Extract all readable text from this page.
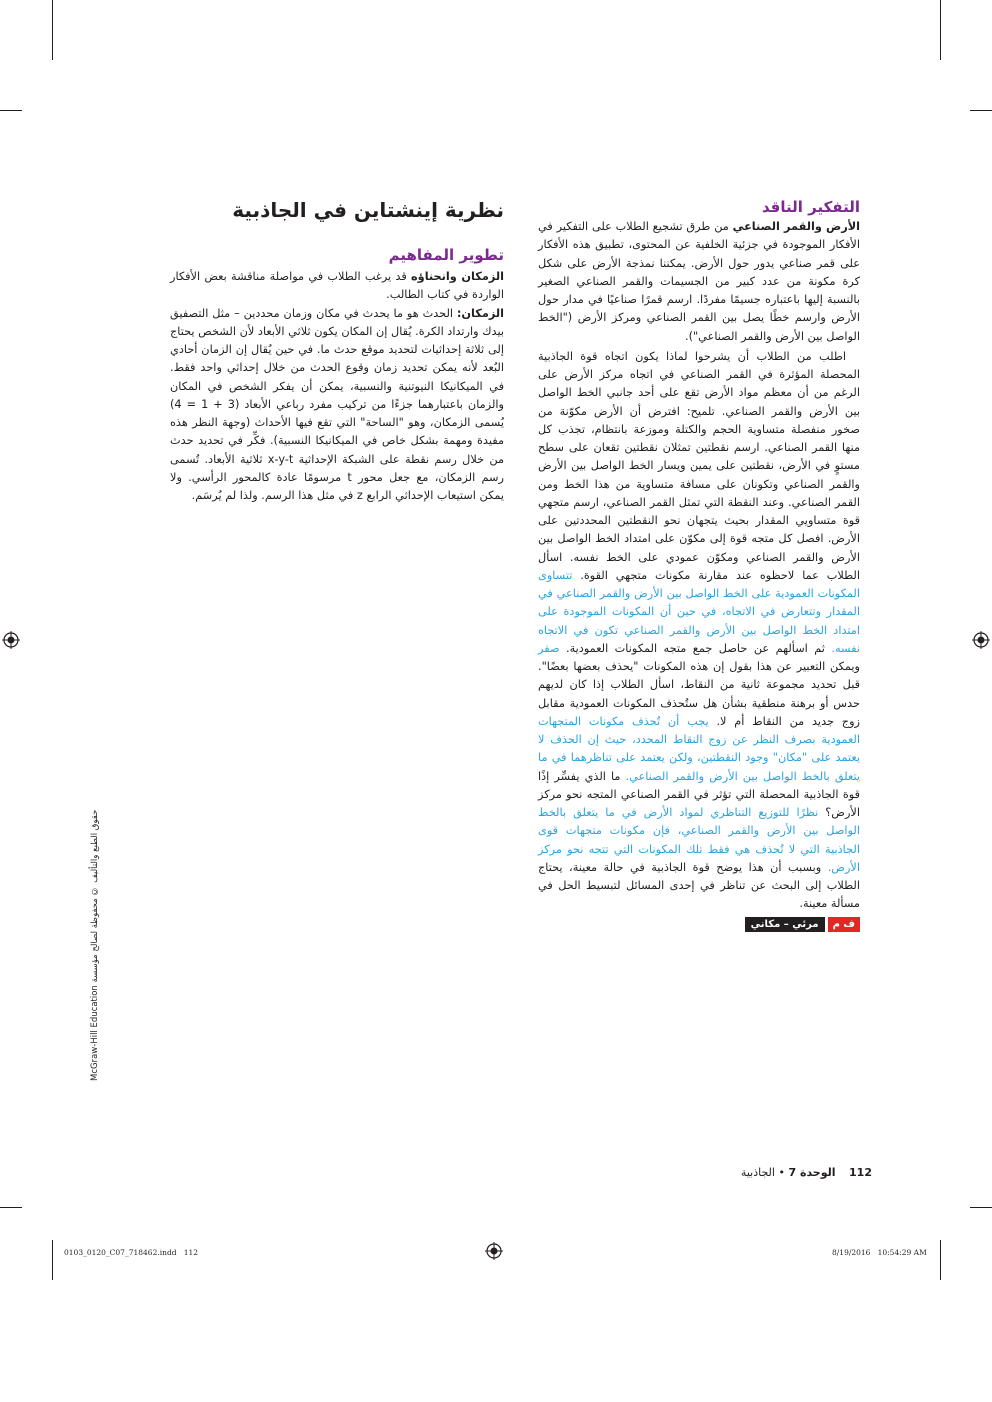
نظرية إينشتاين في الجاذبية
تطوير المفاهيم

الزمكان وانحناؤه قد يرغب الطلاب في مواصلة مناقشة بعض الأفكار الواردة في كتاب الطالب.

الزمكان: الحدث هو ما يحدث في مكان وزمان محددين – مثل التصفيق بيدك وارتداد الكرة. يُقال إن المكان يكون ثلاثي الأبعاد لأن الشخص يحتاج إلى ثلاثة إحداثيات لتحديد موقع حدث ما. في حين يُقال إن الزمان أحادي البُعد لأنه يمكن تحديد زمان وقوع الحدث من خلال إحداثي واحد فقط. في الميكانيكا النيوتنية والنسبية، يمكن أن يفكر الشخص في المكان والزمان باعتبارهما جزءًا من تركيب مفرد رباعي الأبعاد (3 + 1 = 4) يُسمى الزمكان، وهو "الساحة" التي تقع فيها الأحداث (وجهة النظر هذه مفيدة ومهمة بشكل خاص في الميكانيكا النسبية). فكِّر في تحديد حدث من خلال رسم نقطة على الشبكة الإحداثية x-y-t ثلاثية الأبعاد. تُسمى رسم الزمكان، مع جعل محور t مرسومًا عادة كالمحور الرأسي. ولا يمكن استيعاب الإحداثي الرابع z في مثل هذا الرسم. ولذا لم يُرسَم.

التفكير الناقد

الأرض والقمر الصناعي من طرق تشجيع الطلاب على التفكير في الأفكار الموجودة في جزئية الخلفية عن المحتوى، تطبيق هذه الأفكار على قمر صناعي يدور حول الأرض. يمكننا نمذجة الأرض على شكل كرة مكونة من عدد كبير من الجسيمات والقمر الصناعي الصغير بالنسبة إليها باعتباره جسيمًا مفردًا. ارسم قمرًا صناعيًا في مدار حول الأرض وارسم خطًا يصل بين القمر الصناعي ومركز الأرض ("الخط الواصل بين الأرض والقمر الصناعي").

اطلب من الطلاب أن يشرحوا لماذا يكون اتجاه قوة الجاذبية المحصلة المؤثرة في القمر الصناعي في اتجاه مركز الأرض على الرغم من أن معظم مواد الأرض تقع على أحد جانبي الخط الواصل بين الأرض والقمر الصناعي. تلميح: افترض أن الأرض مكوّنة من صخور منفصلة متساوية الحجم والكتلة وموزعة بانتظام، تجذب كل منها القمر الصناعي. ارسم نقطتين تمثلان نقطتين تقعان على سطح مستوٍ في الأرض، نقطتين على يمين ويسار الخط الواصل بين الأرض والقمر الصناعي وتكونان على مسافة متساوية من هذا الخط ومن القمر الصناعي. وعند النقطة التي تمثل القمر الصناعي، ارسم متجهي قوة متساويي المقدار بحيث يتجهان نحو النقطتين المحددتين على الأرض. افصل كل متجه قوة إلى مكوّن على امتداد الخط الواصل بين الأرض والقمر الصناعي ومكوّن عمودي على الخط نفسه. اسأل الطلاب عما لاحظوه عند مقارنة مكونات متجهي القوة. تتساوى المكونات العمودية على الخط الواصل بين الأرض والقمر الصناعي في المقدار وتتعارض في الاتجاه، في حين أن المكونات الموجودة على امتداد الخط الواصل بين الأرض والقمر الصناعي تكون في الاتجاه نفسه. ثم اسألهم عن حاصل جمع متجه المكونات العمودية. صفر ويمكن التعبير عن هذا بقول إن هذه المكونات "يحذف بعضها بعضًا". قبل تحديد مجموعة ثانية من النقاط، اسأل الطلاب إذا كان لديهم حدس أو برهنة منطقية بشأن هل ستُحذف المكونات العمودية مقابل زوج جديد من النقاط أم لا. يجب أن تُحذف مكونات المتجهات العمودية بصرف النظر عن زوج النقاط المحدد، حيث إن الحذف لا يعتمد على "مكان" وجود النقطتين، ولكن يعتمد على تناظرهما في ما يتعلق بالخط الواصل بين الأرض والقمر الصناعي. ما الذي يفسِّر إذًا قوة الجاذبية المحصلة التي تؤثر في القمر الصناعي المتجه نحو مركز الأرض؟ نظرًا للتوزيع التناظري لمواد الأرض في ما يتعلق بالخط الواصل بين الأرض والقمر الصناعي، فإن مكونات متجهات قوى الجاذبية التي لا تُحذف هي فقط تلك المكونات التي تتجه نحو مركز الأرض. وبسبب أن هذا يوضح قوة الجاذبية في حالة معينة، يحتاج الطلاب إلى البحث عن تناظر في إحدى المسائل لتبسيط الحل في مسألة معينة.

ف م
مرئي – مكاني
حقوق الطبع والتأليف © محفوظة لصالح مؤسسة McGraw-Hill Education
112 الوحدة 7 • الجاذبية
0103_0120_C07_718462.indd   112	8/19/2016   10:54:29 AM
